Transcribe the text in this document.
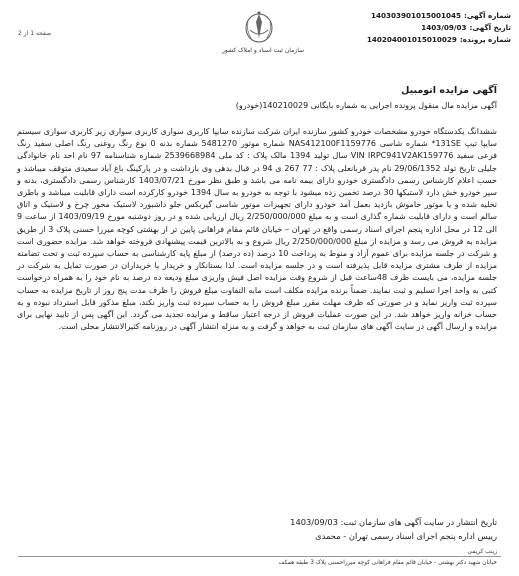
شماره آگهی:
140303901015001045
تاریخ آگهی:
1403/09/03
شماره پرونده:
140204001015010029
سازمان ثبت اسناد و املاک کشور
صفحه 1 از 2
آگهی مزایده اتومبیل
آگهی مزایده مال منقول پرونده اجرایی به شماره بایگانی 140210029(خودرو)
ششدانگ یکدستگاه خودرو مشخصات خودرو کشور سازنده ایران شرکت سازنده سایپا کاربری سواری کاربری سواری زیر کاربری سواری سیستم سایپا تیپ 131SE* شماره شاسی NAS412100F1159776 شماره موتور 5481270 شماره بدنه 0 نوع رنگ روغنی رنگ اصلی سفید رنگ فرعی سفید VIN IRPC941V2AK159776 سال تولید 1394 مالک پلاک : کد ملی 2539668984 شماره شناسنامه 97 نام احد نام خانوادگی جلیلی تاریخ تولد 29/06/1352 نام پدر قربانعلی پلاک : 77 267 ی 94 در قبال بدهی وی بازداشت و در پارکینگ باغ آباد سعیدی متوقف میباشد و حسب اعلام کارشناس رسمی دادگستری خودرو دارای بیمه نامه می باشد و طبق نظر مورخ 1403/07/21 کارشناس رسمی دادگستری، بدنه و سپر خودرو خش دارد لاستیکها 30 درصد تخمین زده میشود با توجه به خودرو به سال 1394 خودرو کارکرده است دارای قابلیت میباشد و باطری تخلیه شده و یا موتور خاموش بازدید بعمل آمد خودرو دارای تجهیزات موتور شاسی گیربکس جلو داشبورد لاستیک محور چرخ و لاستیک و اتاق سالم است و دارای قابلیت شماره گذاری است و به مبلغ 2/250/000/000 ریال ارزیابی شده و در روز دوشنبه مورخ 1403/09/19 از ساعت 9 الی 12 در محل اداره پنجم اجرای اسناد رسمی واقع در تهران – خیابان قائم مقام فراهانی پایین تر از بهشتی کوچه میرزا حسنی پلاک 3 از طریق مزایده به فروش می رسد و مزایده از مبلغ 2/250/000/000 ریال شروع و به بالاترین قیمت پیشنهادی فروخته خواهد شد. مزایده حضوری است و شرکت در جلسه مزایده برای عموم آزاد و منوط به پرداخت 10 درصد (ده درصد) از مبلغ پایه کارشناسی به حساب سپرده ثبت و تحت تضامنه مزایده از طرف مشتری مزایده قابل پذیرفته است و در جلسه مزایده است. لذا بستانکار و خریدار یا خریداران در صورت تمایل به شرکت در جلسه مزایده، می بایست ظرف 48ساعت قبل از شروع وقت مزایده اصل فیش واریزی مبلغ ودیعه ده درصد به نام خود را به همراه درخواست کتبی به واحد اجرا تسلیم و ثبت نمایند. ضمناً برنده مزایده مکلف است مابه التفاوت مبلغ فروش را ظرف مدت پنج روز از تاریخ مزایده به حساب سپرده ثبت واریز نماید و در صورتی که ظرف مهلت مقرر مبلغ فروش را به حساب سپرده ثبت واریز نکند، مبلغ مذکور قابل استرداد نبوده و به حساب خزانه واریز خواهد شد. در این صورت عملیات فروش از درجه اعتبار ساقط و مزایده تجدید می گردد. این آگهی پس از تایید نهایی برای مزایده و ارسال آگهی در سایت آگهی های سازمان ثبت به خواهد و گرفت و به منزله انتشار آگهی در روزنامه کثیرالانتشار محلی است.
تاریخ انتشار در سایت آگهی های سازمان ثبت: 1403/09/03
رییس اداره پنجم اجرای اسناد رسمی تهران - محمدی
زینب کریمی
خیابان شهید دکتر بهشتی - خیابان قائم مقام فراهانی کوچه میرزاحسنی پلاک 3 طبقه همکف
